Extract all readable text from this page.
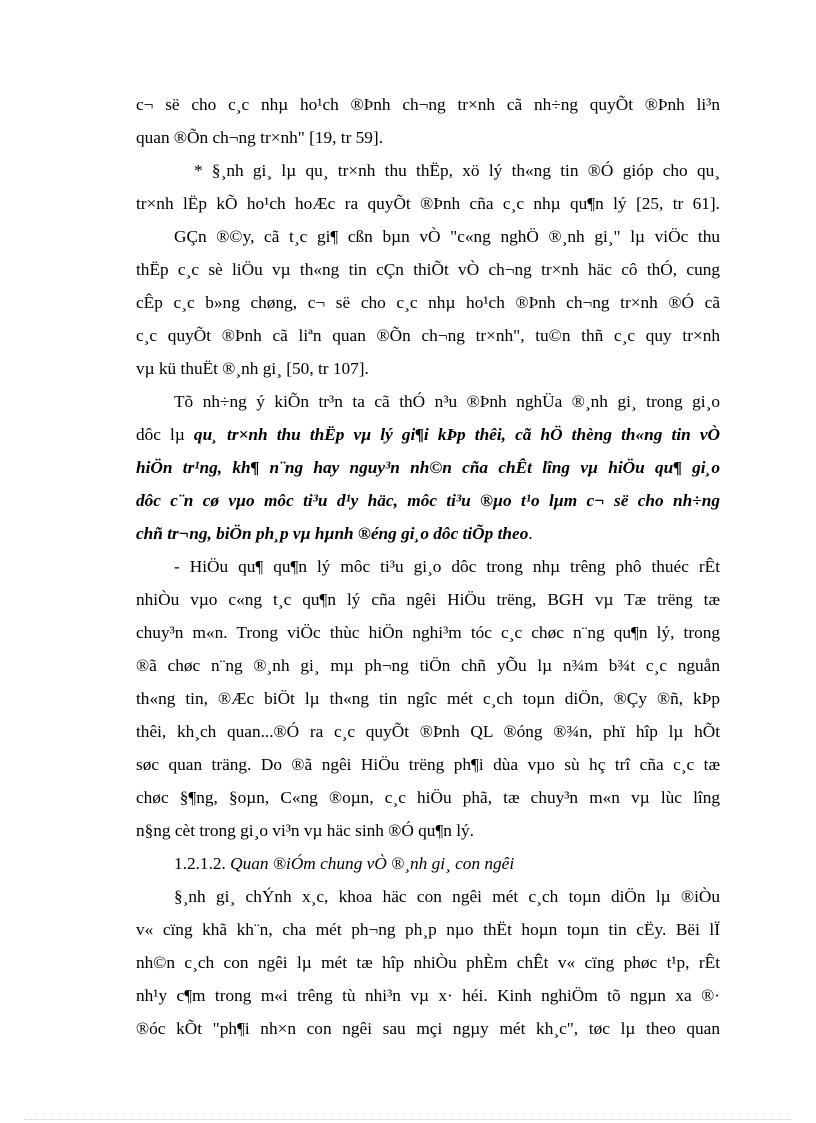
c¬ së cho c¸c nhµ ho¹ch ®Þnh ch¬ng tr×nh cã nh÷ng quyÕt ®Þnh li³n
quan ®Õn ch¬ng tr×nh" [19, tr 59].
* §¸nh gi¸ lµ qu¸ tr×nh thu thËp, xö lý th«ng tin ®Ó gióp cho qu¸
tr×nh lËp kÕ ho¹ch hoÆc ra quyÕt ®Þnh cña c¸c nhµ qu¶n lý [25, tr 61].
GÇn ®©y, cã t¸c gi¶ cßn bµn vÒ "c«ng nghÖ ®¸nh gi¸" lµ viÖc thu
thËp c¸c sè liÖu vµ th«ng tin cÇn thiÕt vÒ ch¬ng tr×nh häc cô thÓ, cung
cÊp c¸c b»ng chøng, c¬ së cho c¸c nhµ ho¹ch ®Þnh ch¬ng tr×nh ®Ó cã
c¸c quyÕt ®Þnh cã liªn quan ®Õn ch¬ng tr×nh", tu©n thñ c¸c quy tr×nh
vµ kü thuËt ®¸nh gi¸ [50, tr 107].
Tõ nh÷ng ý kiÕn tr³n ta cã thÓ n³u ®Þnh nghÜa ®¸nh gi¸ trong gi¸o
dôc lµ qu¸ tr×nh thu thËp vµ lý gi¶i kÞp thêi, cã hÖ thèng th«ng tin vÒ
hiÖn tr¹ng, kh¶ n¨ng hay nguy³n nh©n cña chÊt lîng vµ hiÖu qu¶ gi¸o
dôc c¨n cø vµo môc ti³u d¹y häc, môc ti³u ®µo t¹o lµm c¬ së cho nh÷ng
chñ tr¬ng, biÖn ph¸p vµ hµnh ®éng gi¸o dôc tiÕp theo.
- HiÖu qu¶ qu¶n lý môc ti³u gi¸o dôc trong nhµ trêng phô thuéc rÊt
nhiÒu vµo c«ng t¸c qu¶n lý cña ngêi HiÖu trëng, BGH vµ Tæ trëng tæ
chuy³n m«n. Trong viÖc thùc hiÖn nghi³m tóc c¸c chøc n¨ng qu¶n lý, trong
®ã chøc n¨ng ®¸nh gi¸ mµ ph¬ng tiÖn chñ yÕu lµ n¾m b¾t c¸c nguån
th«ng tin, ®Æc biÖt lµ th«ng tin ngîc mét c¸ch toµn diÖn, ®Çy ®ñ, kÞp
thêi, kh¸ch quan...®Ó ra c¸c quyÕt ®Þnh QL ®óng ®¾n, phï hîp lµ hÕt
søc quan träng. Do ®ã ngêi HiÖu trëng ph¶i dùa vµo sù hç trî cña c¸c tæ
chøc §¶ng, §oµn, C«ng ®oµn, c¸c hiÖu phã, tæ chuy³n m«n vµ lùc lîng
n§ng cèt trong gi¸o vi³n vµ häc sinh ®Ó qu¶n lý.
1.2.1.2. Quan ®iÓm chung vÒ ®¸nh gi¸ con ngêi
§¸nh gi¸ chÝnh x¸c, khoa häc con ngêi mét c¸ch toµn diÖn lµ ®iÒu
v« cïng khã kh¨n, cha mét ph¬ng ph¸p nµo thËt hoµn toµn tin cËy. Bëi lÏ
nh©n c¸ch con ngêi lµ mét tæ hîp nhiÒu phÈm chÊt v« cïng phøc t¹p, rÊt
nh¹y c¶m trong m«i trêng tù nhi³n vµ x· héi. Kinh nghiÖm tõ ngµn xa ®·
®óc kÕt "ph¶i nh×n con ngêi sau mçi ngµy mét kh¸c", tøc lµ theo quan
